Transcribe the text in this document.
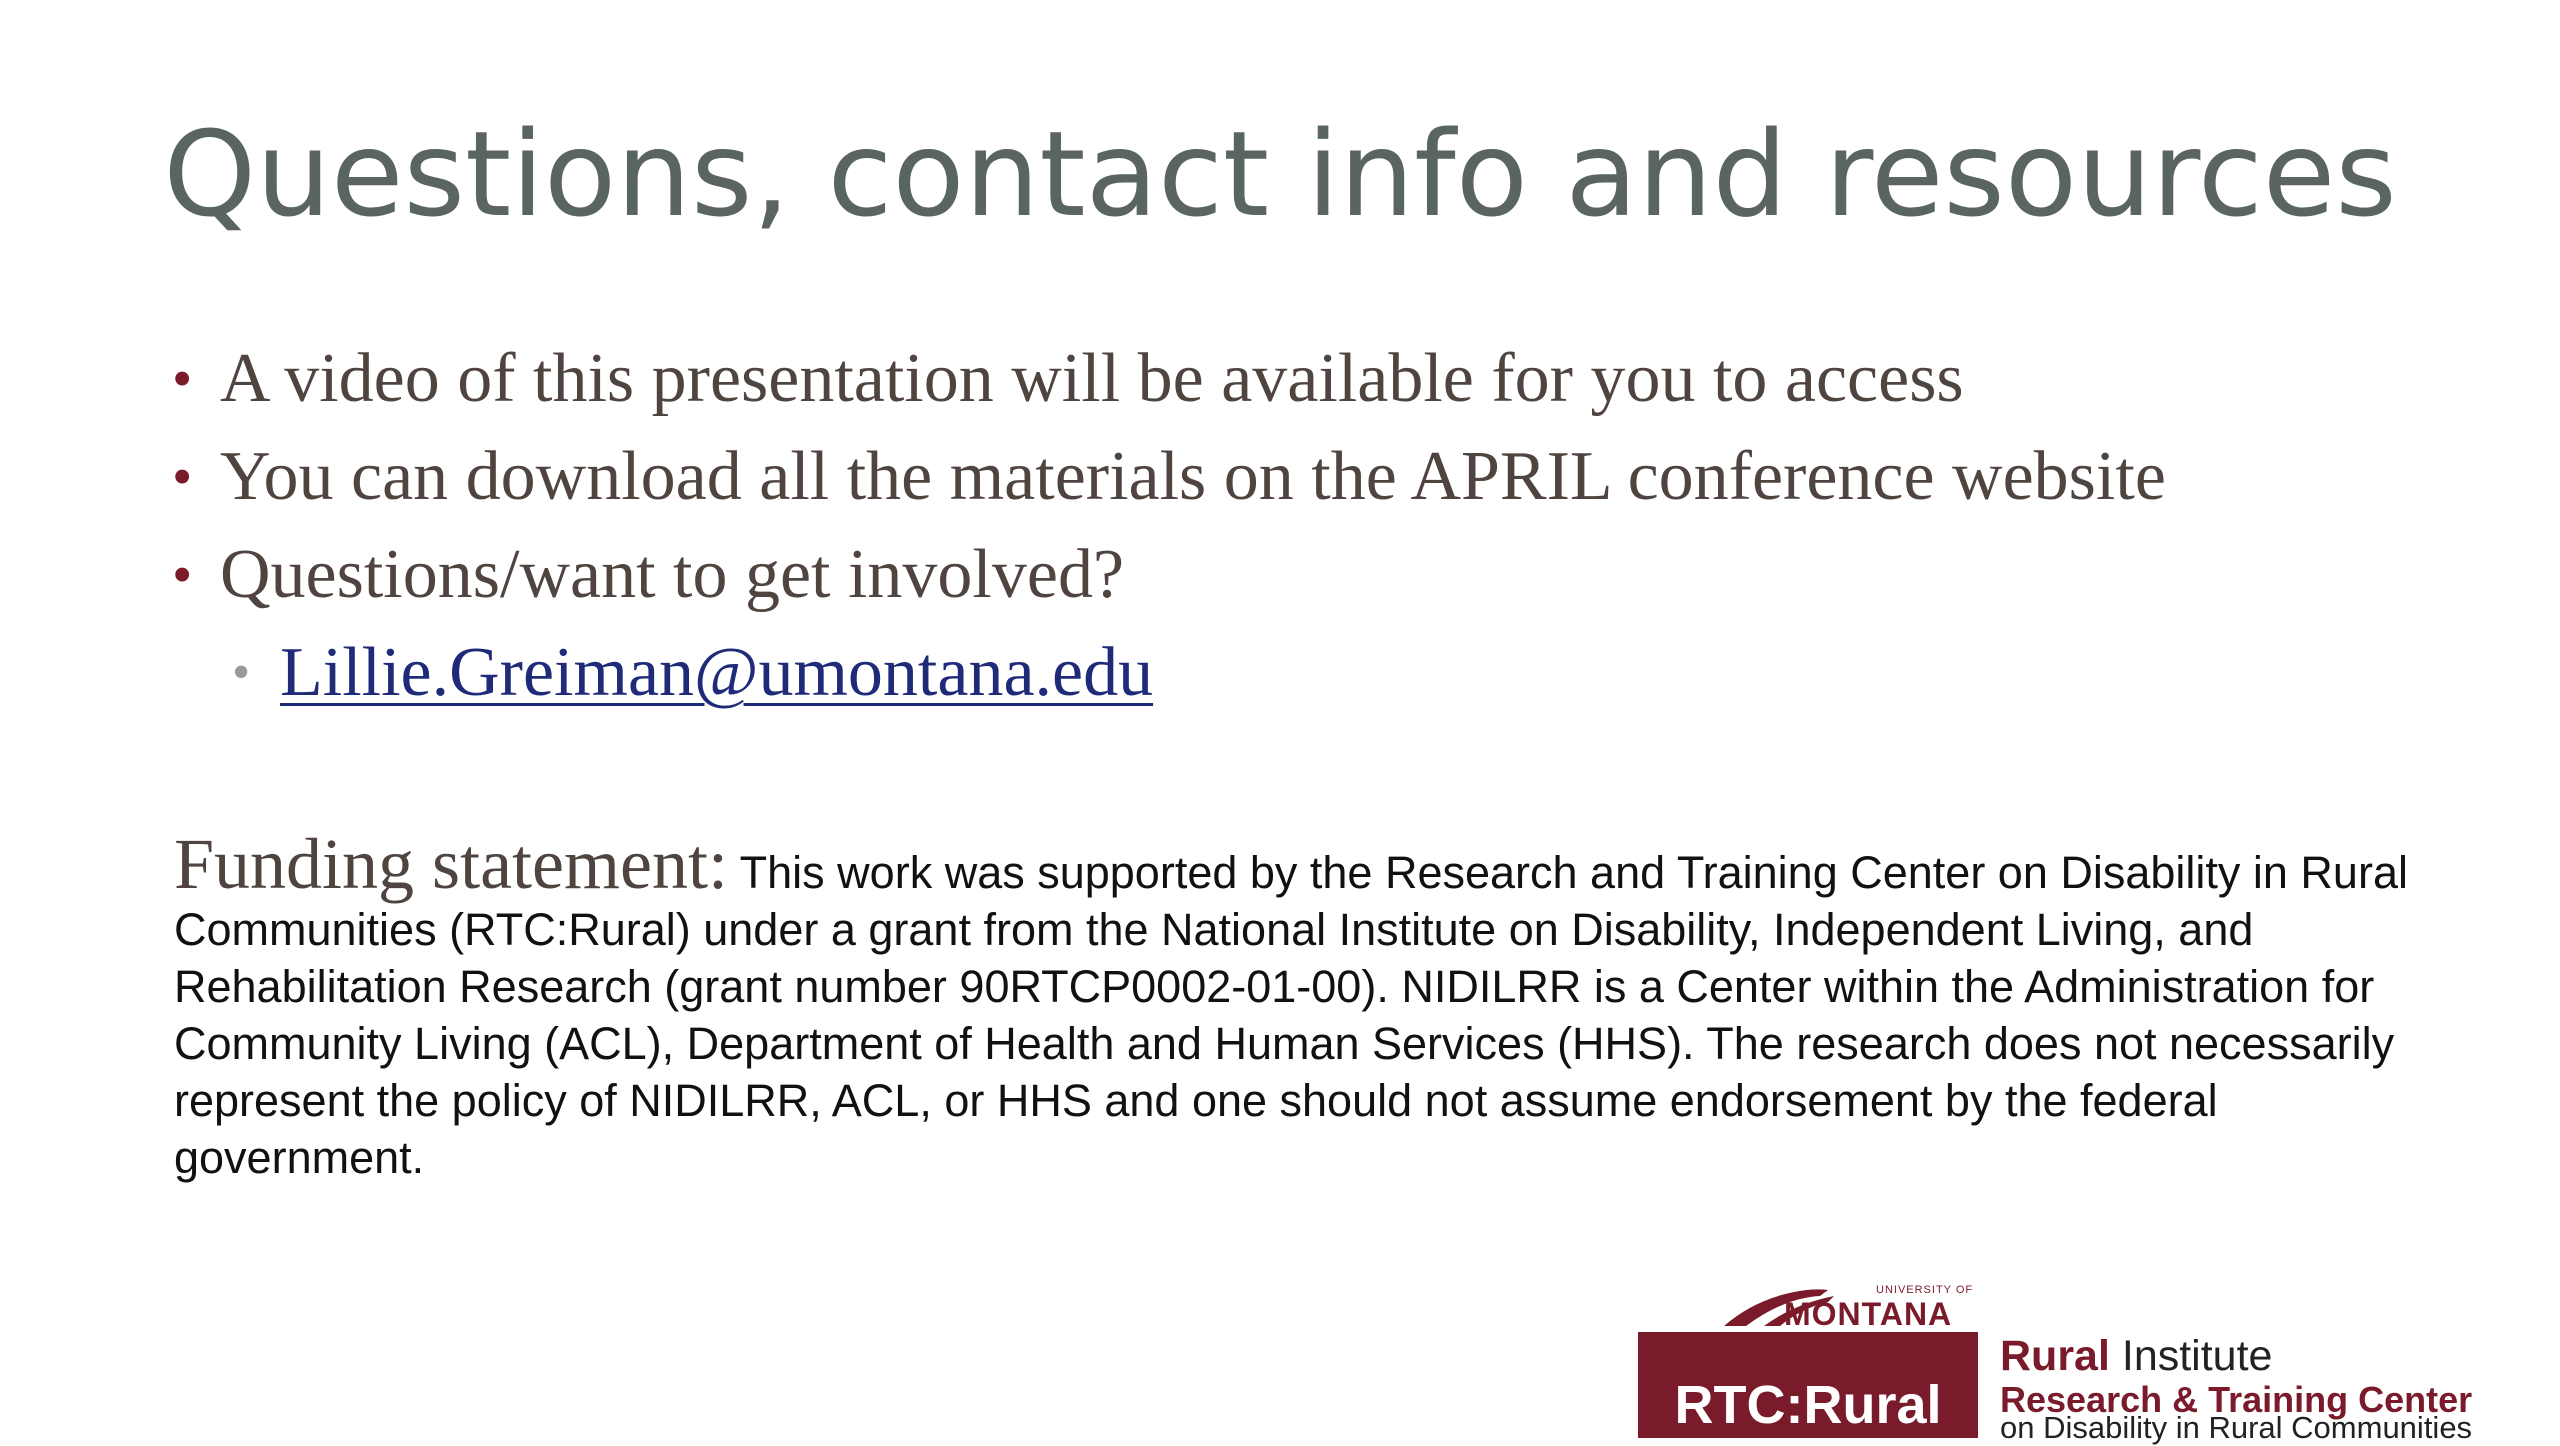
Questions, contact info and resources
• A video of this presentation will be available for you to access
• You can download all the materials on the APRIL conference website
• Questions/want to get involved?
• Lillie.Greiman@umontana.edu
Funding statement: This work was supported by the Research and Training Center on Disability in Rural Communities (RTC:Rural) under a grant from the National Institute on Disability, Independent Living, and Rehabilitation Research (grant number 90RTCP0002-01-00). NIDILRR is a Center within the Administration for Community Living (ACL), Department of Health and Human Services (HHS). The research does not necessarily represent the policy of NIDILRR, ACL, or HHS and one should not assume endorsement by the federal government.
UNIVERSITY OF
MONTANA
RTC:Rural
Rural Institute
Research & Training Center
on Disability in Rural Communities
